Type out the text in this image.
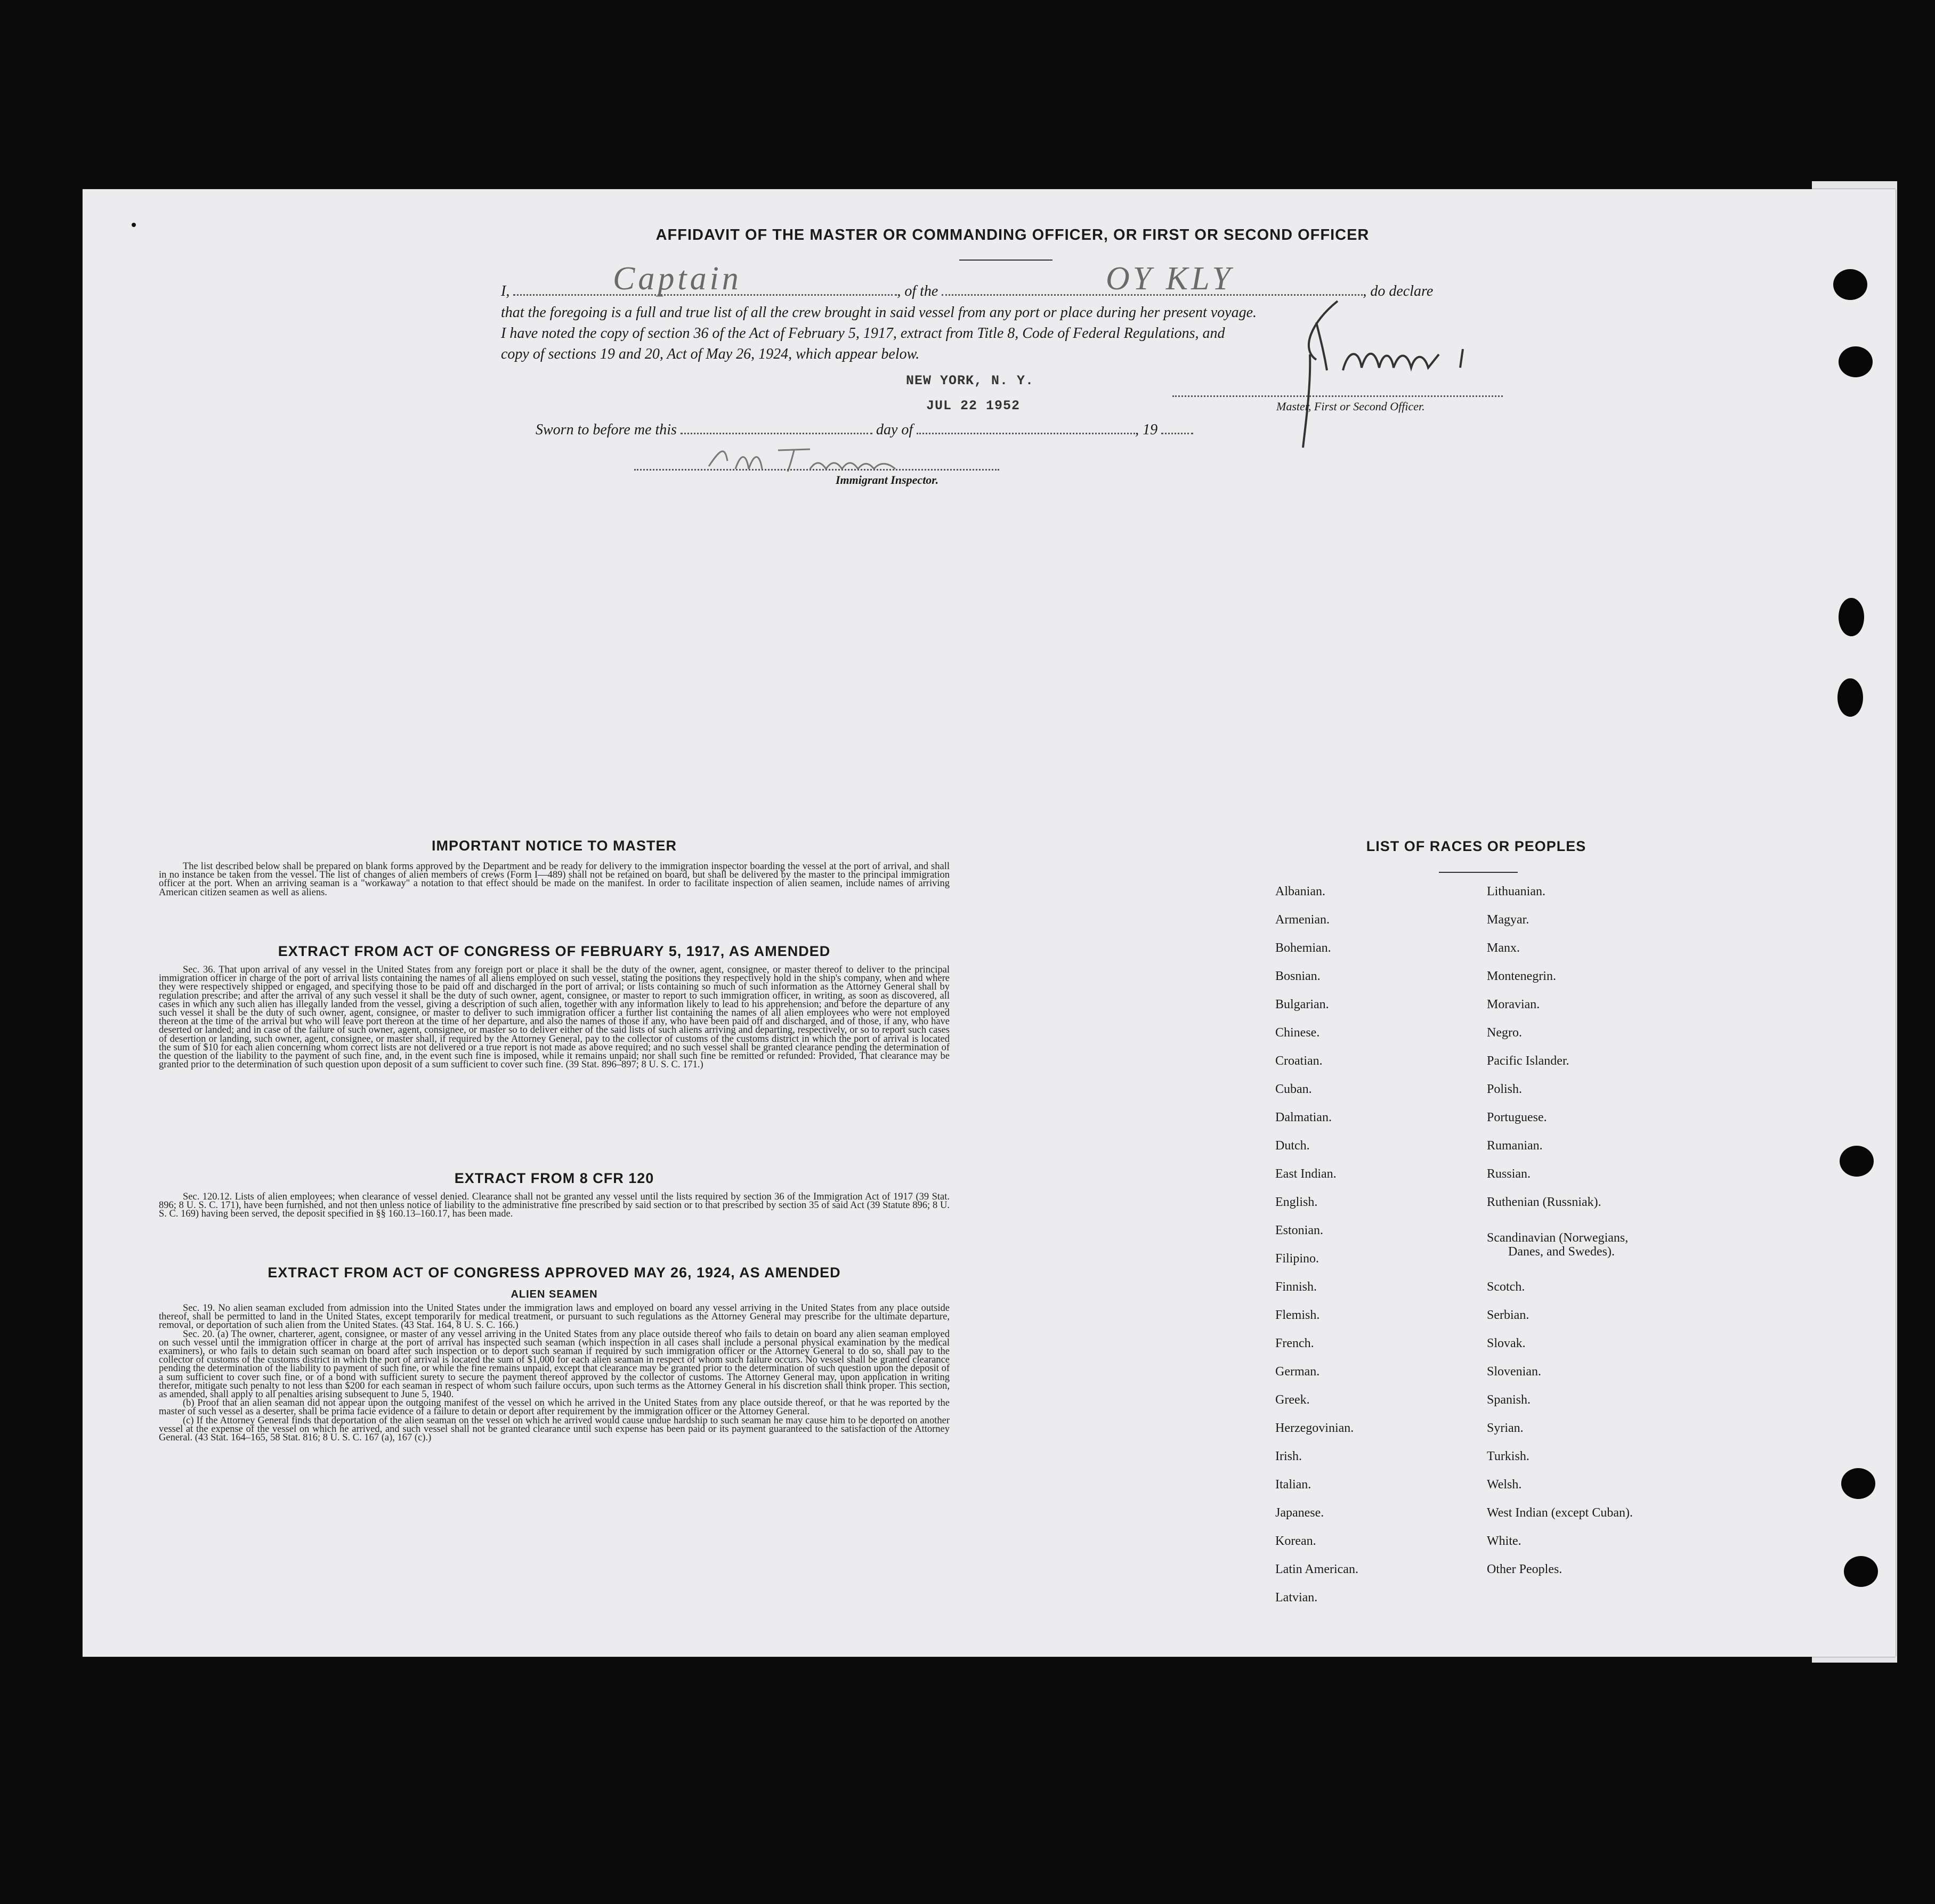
AFFIDAVIT OF THE MASTER OR COMMANDING OFFICER, OR FIRST OR SECOND OFFICER
I,	, of the	, do declare
Captain	OY KLY
that the foregoing is a full and true list of all the crew brought in said vessel from any port or place during her present voyage.
I have noted the copy of section 36 of the Act of February 5, 1917, extract from Title 8, Code of Federal Regulations, and
copy of sections 19 and 20, Act of May 26, 1924, which appear below.
NEW YORK, N. Y.
JUL 22 1952	Master, First or Second Officer.
Sworn to before me this	day of	, 19
Immigrant Inspector.
IMPORTANT NOTICE TO MASTER
The list described below shall be prepared on blank forms approved by the Department and be ready for delivery to the immigration inspector boarding the vessel at the port of arrival, and shall in no instance be taken from the vessel. The list of changes of alien members of crews (Form I—489) shall not be retained on board, but shall be delivered by the master to the principal immigration officer at the port. When an arriving seaman is a "workaway" a notation to that effect should be made on the manifest. In order to facilitate inspection of alien seamen, include names of arriving American citizen seamen as well as aliens.
EXTRACT FROM ACT OF CONGRESS OF FEBRUARY 5, 1917, AS AMENDED
Sec. 36. That upon arrival of any vessel in the United States from any foreign port or place it shall be the duty of the owner, agent, consignee, or master thereof to deliver to the principal immigration officer in charge of the port of arrival lists containing the names of all aliens employed on such vessel, stating the positions they respectively hold in the ship's company, when and where they were respectively shipped or engaged, and specifying those to be paid off and discharged in the port of arrival; or lists containing so much of such information as the Attorney General shall by regulation prescribe; and after the arrival of any such vessel it shall be the duty of such owner, agent, consignee, or master to report to such immigration officer, in writing, as soon as discovered, all cases in which any such alien has illegally landed from the vessel, giving a description of such alien, together with any information likely to lead to his apprehension; and before the departure of any such vessel it shall be the duty of such owner, agent, consignee, or master to deliver to such immigration officer a further list containing the names of all alien employees who were not employed thereon at the time of the arrival but who will leave port thereon at the time of her departure, and also the names of those if any, who have been paid off and discharged, and of those, if any, who have deserted or landed; and in case of the failure of such owner, agent, consignee, or master so to deliver either of the said lists of such aliens arriving and departing, respectively, or so to report such cases of desertion or landing, such owner, agent, consignee, or master shall, if required by the Attorney General, pay to the collector of customs of the customs district in which the port of arrival is located the sum of $10 for each alien concerning whom correct lists are not delivered or a true report is not made as above required; and no such vessel shall be granted clearance pending the determination of the question of the liability to the payment of such fine, and, in the event such fine is imposed, while it remains unpaid; nor shall such fine be remitted or refunded: Provided, That clearance may be granted prior to the determination of such question upon deposit of a sum sufficient to cover such fine. (39 Stat. 896–897; 8 U. S. C. 171.)
EXTRACT FROM 8 CFR 120
Sec. 120.12. Lists of alien employees; when clearance of vessel denied. Clearance shall not be granted any vessel until the lists required by section 36 of the Immigration Act of 1917 (39 Stat. 896; 8 U. S. C. 171), have been furnished, and not then unless notice of liability to the administrative fine prescribed by said section or to that prescribed by section 35 of said Act (39 Statute 896; 8 U. S. C. 169) having been served, the deposit specified in §§ 160.13–160.17, has been made.
EXTRACT FROM ACT OF CONGRESS APPROVED MAY 26, 1924, AS AMENDED
ALIEN SEAMEN

Sec. 19. No alien seaman excluded from admission into the United States under the immigration laws and employed on board any vessel arriving in the United States from any place outside thereof, shall be permitted to land in the United States, except temporarily for medical treatment, or pursuant to such regulations as the Attorney General may prescribe for the ultimate departure, removal, or deportation of such alien from the United States. (43 Stat. 164, 8 U. S. C. 166.)

Sec. 20. (a) The owner, charterer, agent, consignee, or master of any vessel arriving in the United States from any place outside thereof who fails to detain on board any alien seaman employed on such vessel until the immigration officer in charge at the port of arrival has inspected such seaman (which inspection in all cases shall include a personal physical examination by the medical examiners), or who fails to detain such seaman on board after such inspection or to deport such seaman if required by such immigration officer or the Attorney General to do so, shall pay to the collector of customs of the customs district in which the port of arrival is located the sum of $1,000 for each alien seaman in respect of whom such failure occurs. No vessel shall be granted clearance pending the determination of the liability to payment of such fine, or while the fine remains unpaid, except that clearance may be granted prior to the determination of such question upon the deposit of a sum sufficient to cover such fine, or of a bond with sufficient surety to secure the payment thereof approved by the collector of customs. The Attorney General may, upon application in writing therefor, mitigate such penalty to not less than $200 for each seaman in respect of whom such failure occurs, upon such terms as the Attorney General in his discretion shall think proper. This section, as amended, shall apply to all penalties arising subsequent to June 5, 1940.

(b) Proof that an alien seaman did not appear upon the outgoing manifest of the vessel on which he arrived in the United States from any place outside thereof, or that he was reported by the master of such vessel as a deserter, shall be prima facie evidence of a failure to detain or deport after requirement by the immigration officer or the Attorney General.

(c) If the Attorney General finds that deportation of the alien seaman on the vessel on which he arrived would cause undue hardship to such seaman he may cause him to be deported on another vessel at the expense of the vessel on which he arrived, and such vessel shall not be granted clearance until such expense has been paid or its payment guaranteed to the satisfaction of the Attorney General. (43 Stat. 164–165, 58 Stat. 816; 8 U. S. C. 167 (a), 167 (c).)

LIST OF RACES OR PEOPLES
Albanian.
Armenian.
Bohemian.
Bosnian.
Bulgarian.
Chinese.
Croatian.
Cuban.
Dalmatian.
Dutch.
East Indian.
English.
Estonian.
Filipino.
Finnish.
Flemish.
French.
German.
Greek.
Herzegovinian.
Irish.
Italian.
Japanese.
Korean.
Latin American.
Latvian.
Lithuanian.
Magyar.
Manx.
Montenegrin.
Moravian.
Negro.
Pacific Islander.
Polish.
Portuguese.
Rumanian.
Russian.
Ruthenian (Russniak).
Scandinavian (Norwegians,
Danes, and Swedes).
Scotch.
Serbian.
Slovak.
Slovenian.
Spanish.
Syrian.
Turkish.
Welsh.
West Indian (except Cuban).
White.
Other Peoples.
